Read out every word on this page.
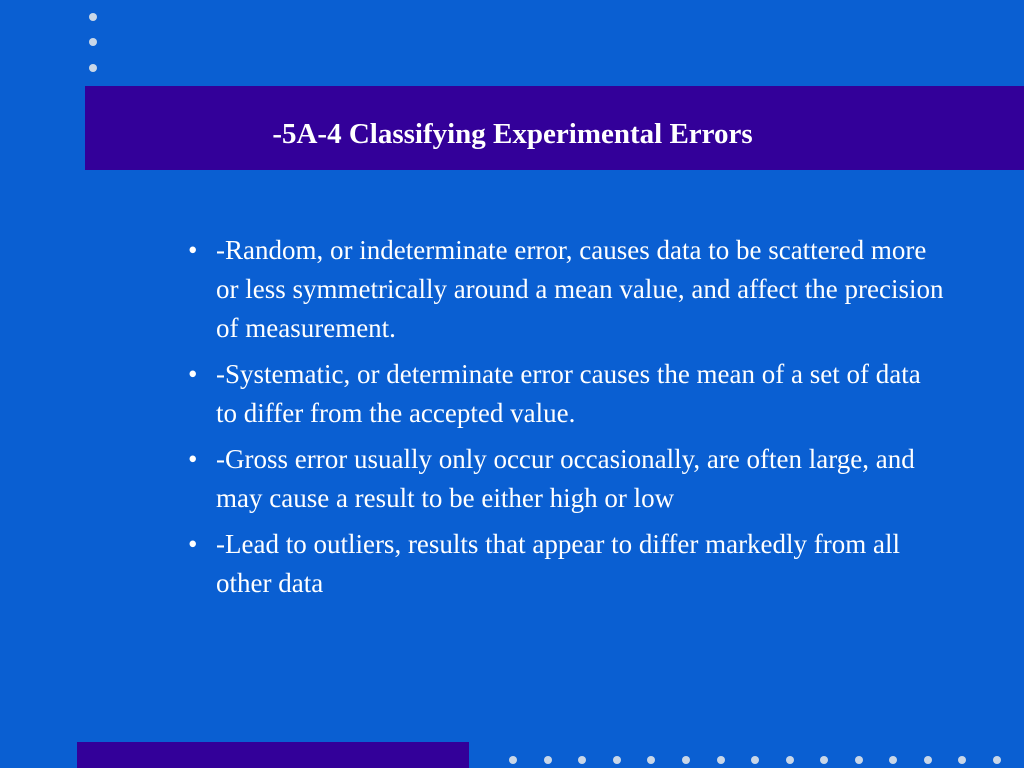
-5A-4 Classifying Experimental Errors
• -Random, or indeterminate error, causes data to be scattered more or less symmetrically around a mean value, and affect the precision of measurement.
• -Systematic, or determinate error causes the mean of a set of data to differ from the accepted value.
• -Gross error usually only occur occasionally, are often large, and may cause a result to be either high or low
• -Lead to outliers, results that appear to differ markedly from all other data
